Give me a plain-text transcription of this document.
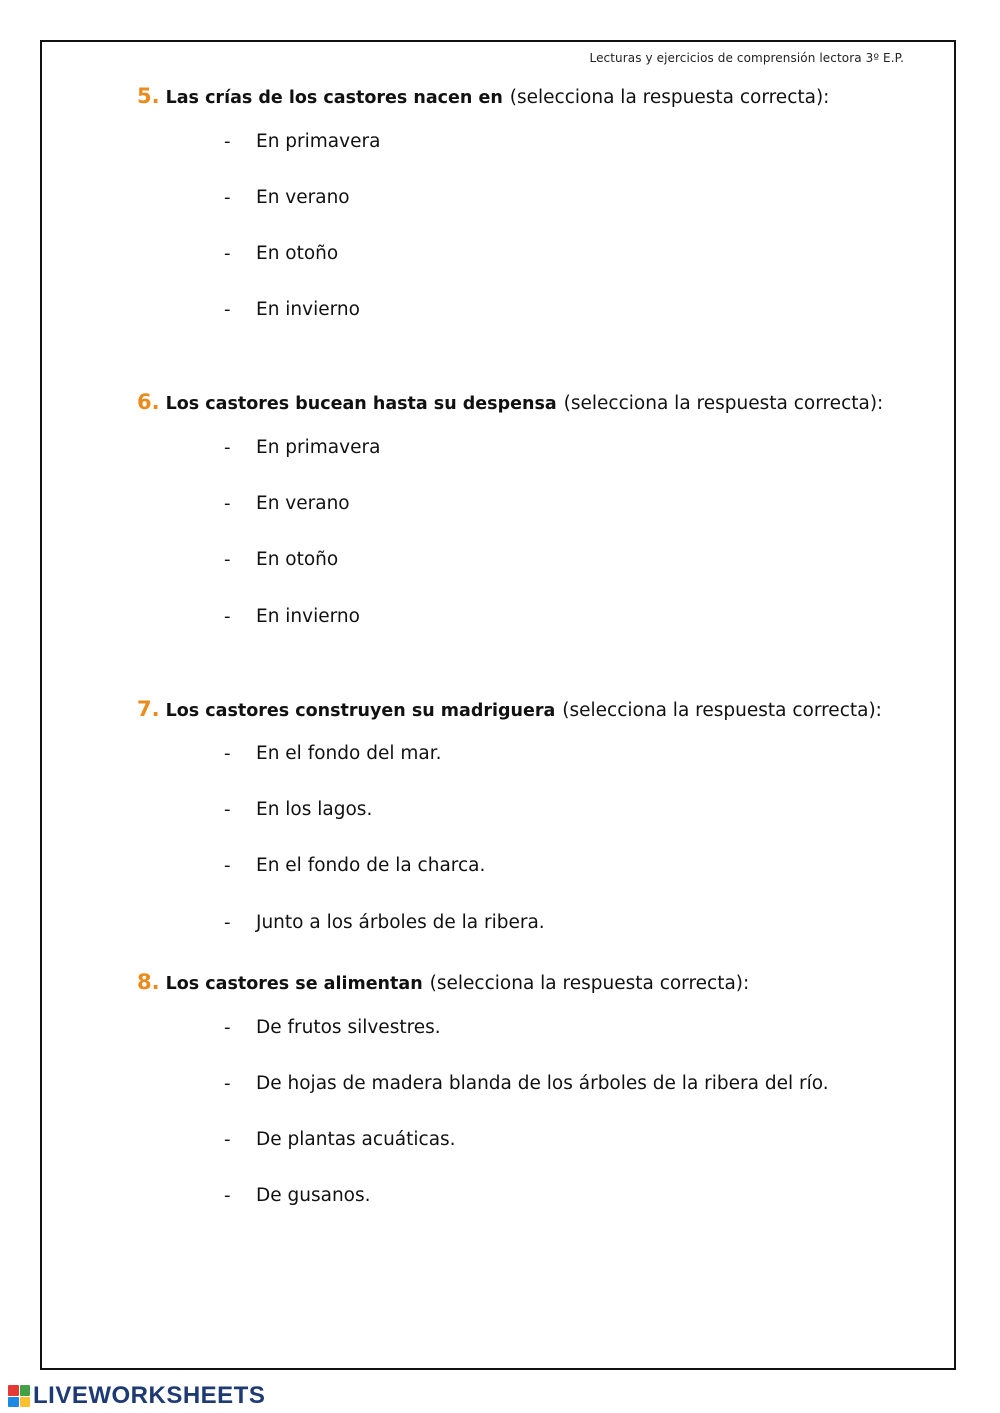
Lecturas y ejercicios de comprensión lectora 3º E.P.
5. Las crías de los castores nacen en (selecciona la respuesta correcta):
-	En primavera
-	En verano
-	En otoño
-	En invierno
6. Los castores bucean hasta su despensa (selecciona la respuesta correcta):
-	En primavera
-	En verano
-	En otoño
-	En invierno
7. Los castores construyen su madriguera (selecciona la respuesta correcta):
-	En el fondo del mar.
-	En los lagos.
-	En el fondo de la charca.
-	Junto a los árboles de la ribera.
8. Los castores se alimentan (selecciona la respuesta correcta):
-	De frutos silvestres.
-	De hojas de madera blanda de los árboles de la ribera del río.
-	De plantas acuáticas.
-	De gusanos.
LIVEWORKSHEETS
